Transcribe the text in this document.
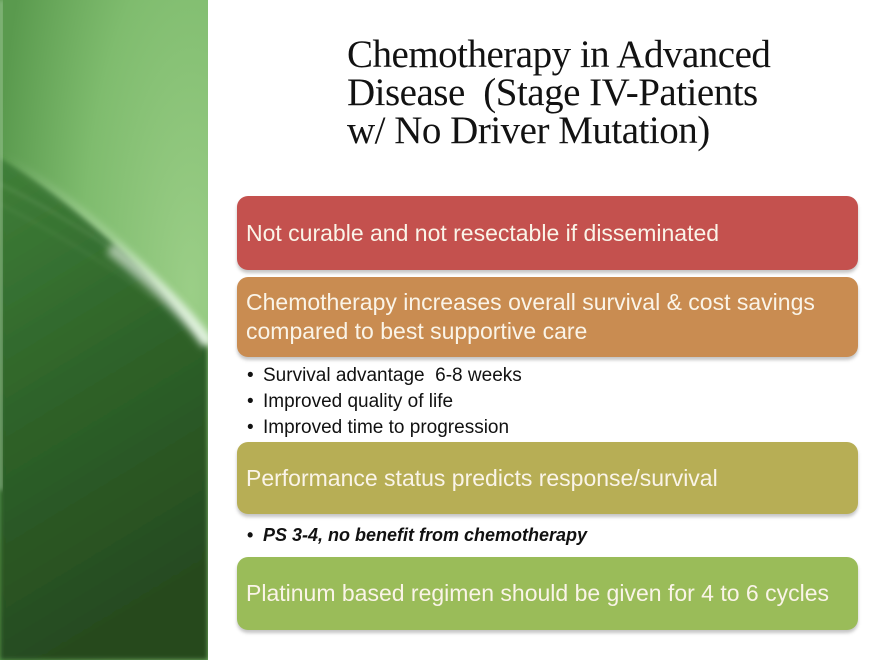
Chemotherapy in Advanced
Disease  (Stage IV-Patients
w/ No Driver Mutation)
Not curable and not resectable if disseminated
Chemotherapy increases overall survival & cost savings compared to best supportive care
• Survival advantage  6-8 weeks
• Improved quality of life
• Improved time to progression
Performance status predicts response/survival
• PS 3-4, no benefit from chemotherapy
Platinum based regimen should be given for 4 to 6 cycles
